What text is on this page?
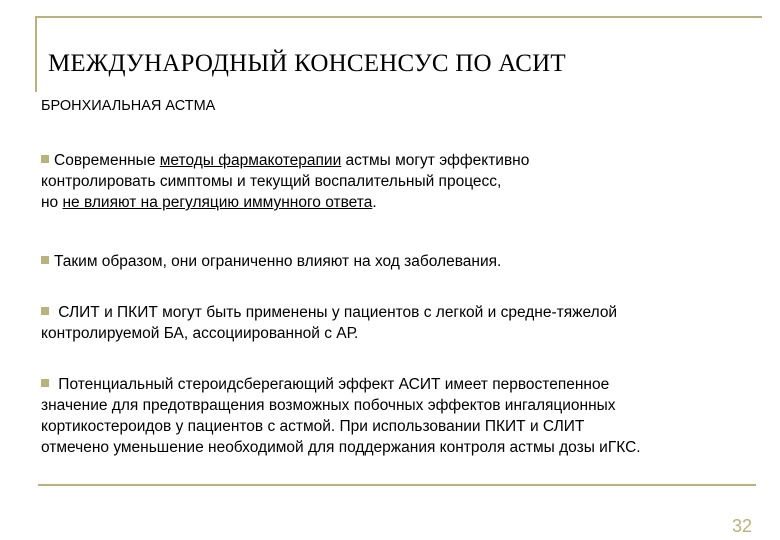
МЕЖДУНАРОДНЫЙ КОНСЕНСУС ПО АСИТ
БРОНХИАЛЬНАЯ АСТМА
Современные методы фармакотерапии астмы могут эффективно
контролировать симптомы и текущий воспалительный процесс,
но не влияют на регуляцию иммунного ответа.
Таким образом, они ограниченно влияют на ход заболевания.
СЛИТ и ПКИТ могут быть применены у пациентов с легкой и средне-тяжелой
контролируемой БА, ассоциированной с АР.
Потенциальный стероидсберегающий эффект АСИТ имеет первостепенное
значение для предотвращения возможных побочных эффектов ингаляционных
кортикостероидов у пациентов с астмой. При использовании ПКИТ и СЛИТ
отмечено уменьшение необходимой для поддержания контроля астмы дозы иГКС.
32
